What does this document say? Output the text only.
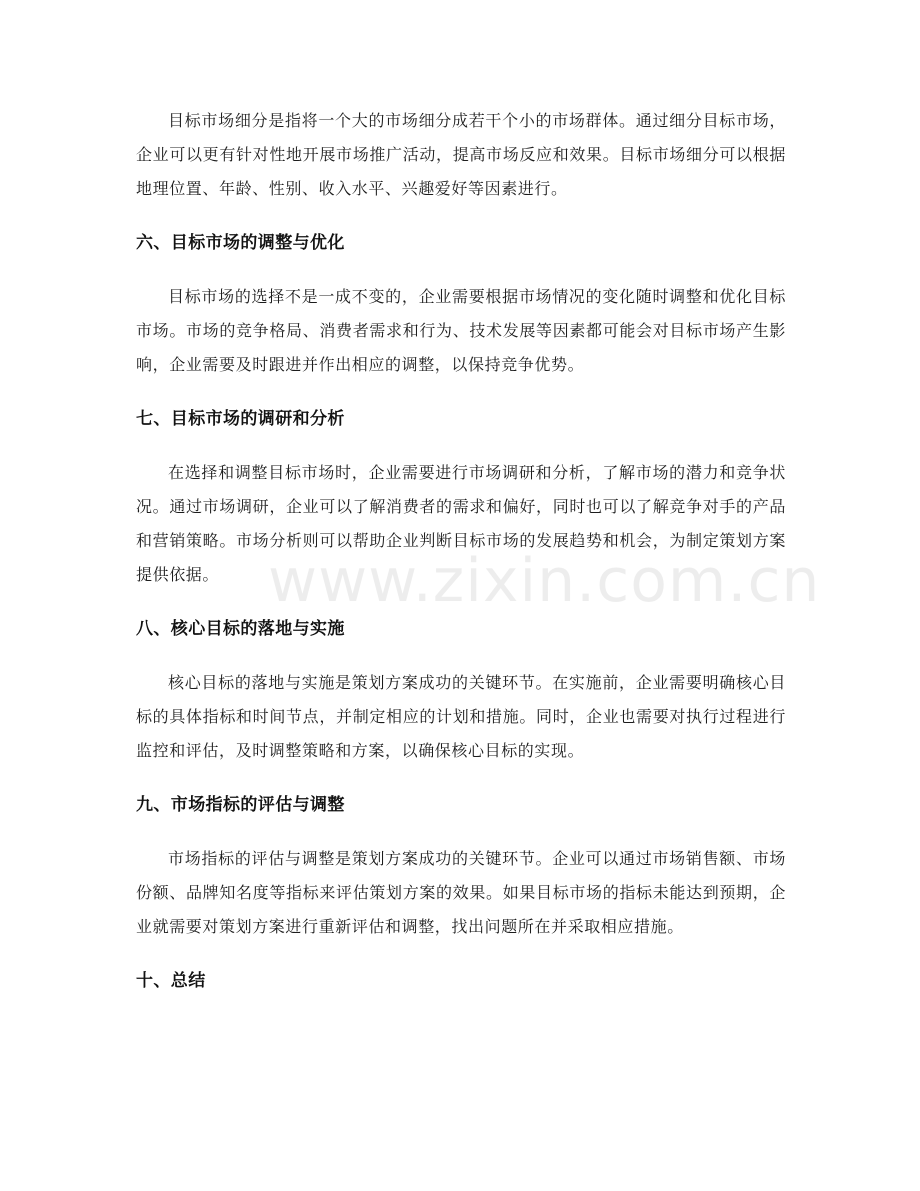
目标市场细分是指将一个大的市场细分成若干个小的市场群体。通过细分目标市场，企业可以更有针对性地开展市场推广活动，提高市场反应和效果。目标市场细分可以根据地理位置、年龄、性别、收入水平、兴趣爱好等因素进行。

六、目标市场的调整与优化

目标市场的选择不是一成不变的，企业需要根据市场情况的变化随时调整和优化目标市场。市场的竞争格局、消费者需求和行为、技术发展等因素都可能会对目标市场产生影响，企业需要及时跟进并作出相应的调整，以保持竞争优势。

七、目标市场的调研和分析

在选择和调整目标市场时，企业需要进行市场调研和分析，了解市场的潜力和竞争状况。通过市场调研，企业可以了解消费者的需求和偏好，同时也可以了解竞争对手的产品和营销策略。市场分析则可以帮助企业判断目标市场的发展趋势和机会，为制定策划方案提供依据。

八、核心目标的落地与实施

核心目标的落地与实施是策划方案成功的关键环节。在实施前，企业需要明确核心目标的具体指标和时间节点，并制定相应的计划和措施。同时，企业也需要对执行过程进行监控和评估，及时调整策略和方案，以确保核心目标的实现。

九、市场指标的评估与调整

市场指标的评估与调整是策划方案成功的关键环节。企业可以通过市场销售额、市场份额、品牌知名度等指标来评估策划方案的效果。如果目标市场的指标未能达到预期，企业就需要对策划方案进行重新评估和调整，找出问题所在并采取相应措施。

十、总结
www.zixin.com.cn
